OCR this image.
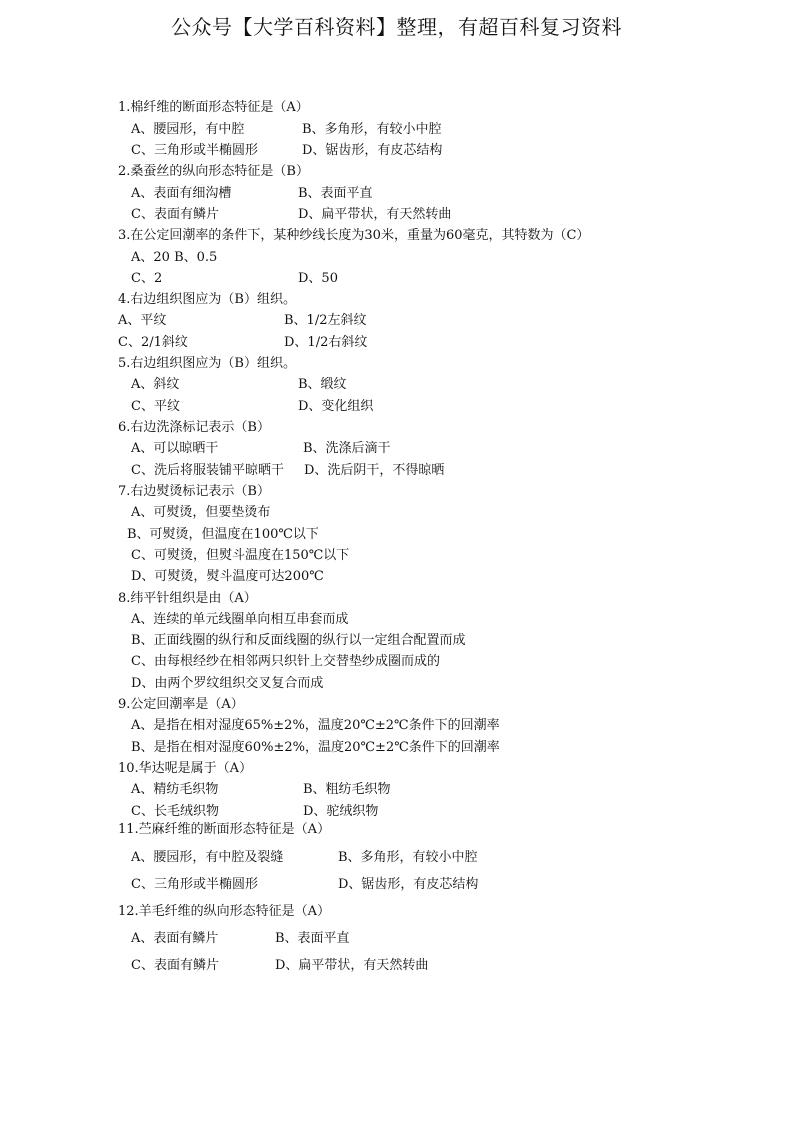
公众号【大学百科资料】整理，有超百科复习资料
1.棉纤维的断面形态特征是（A）
A、腰园形，有中腔	B、多角形，有较小中腔
C、三角形或半椭圆形	D、锯齿形，有皮芯结构
2.桑蚕丝的纵向形态特征是（B）
A、表面有细沟槽	B、表面平直
C、表面有鳞片	D、扁平带状，有天然转曲
3.在公定回潮率的条件下，某种纱线长度为30米，重量为60毫克，其特数为（C）
A、20 B、0.5
C、2	D、50
4.右边组织图应为（B）组织。
A、平纹	B、1/2左斜纹
C、2/1斜纹	D、1/2右斜纹
5.右边组织图应为（B）组织。
A、斜纹	B、缎纹
C、平纹	D、变化组织
6.右边洗涤标记表示（B）
A、可以晾晒干	B、洗涤后滴干
C、洗后将服装铺平晾晒干 D、洗后阴干，不得晾晒
7.右边熨烫标记表示（B）
A、可熨烫，但要垫烫布
B、可熨烫，但温度在100℃以下
C、可熨烫，但熨斗温度在150℃以下
D、可熨烫，熨斗温度可达200℃
8.纬平针组织是由（A）
A、连续的单元线圈单向相互串套而成
B、正面线圈的纵行和反面线圈的纵行以一定组合配置而成
C、由每根经纱在相邻两只织针上交替垫纱成圈而成的
D、由两个罗纹组织交叉复合而成
9.公定回潮率是（A）
A、是指在相对湿度65%±2%，温度20℃±2℃条件下的回潮率
B、是指在相对湿度60%±2%，温度20℃±2℃条件下的回潮率
10.华达呢是属于（A）
A、精纺毛织物	B、粗纺毛织物
C、长毛绒织物	D、驼绒织物
11.苎麻纤维的断面形态特征是（A）
A、腰园形，有中腔及裂缝	B、多角形，有较小中腔
C、三角形或半椭圆形	D、锯齿形，有皮芯结构
12.羊毛纤维的纵向形态特征是（A）
A、表面有鳞片	B、表面平直
C、表面有鳞片	D、扁平带状，有天然转曲
